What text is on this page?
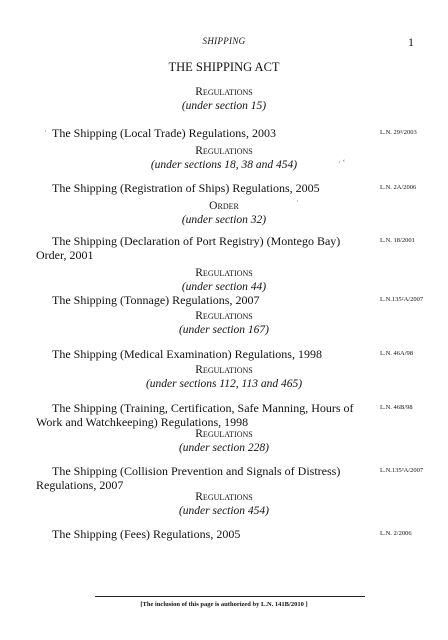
SHIPPING	1
THE SHIPPING ACT
Regulations
(under section 15)
The Shipping (Local Trade) Regulations, 2003	L.N. 29³/2003
Regulations
(under sections 18, 38 and 454)
The Shipping (Registration of Ships) Regulations, 2005	L.N. 2A/2006
Order
(under section 32)
The Shipping (Declaration of Port Registry) (Montego Bay) Order, 2001
L.N. 18/2001
Regulations
(under section 44)
The Shipping (Tonnage) Regulations, 2007	L.N.135²A/2007
Regulations
(under section 167)
The Shipping (Medical Examination) Regulations, 1998	L.N. 46A/98
Regulations
(under sections 112, 113 and 465)
The Shipping (Training, Certification, Safe Manning, Hours of Work and Watchkeeping) Regulations, 1998
L.N. 46B/98
Regulations
(under section 228)
The Shipping (Collision Prevention and Signals of Distress) Regulations, 2007
L.N.135³A/2007
Regulations
(under section 454)
The Shipping (Fees) Regulations, 2005	L.N. 2/2006
[The inclusion of this page is authorized by L.N. 141B/2010 ]
·
· ʻ
·
